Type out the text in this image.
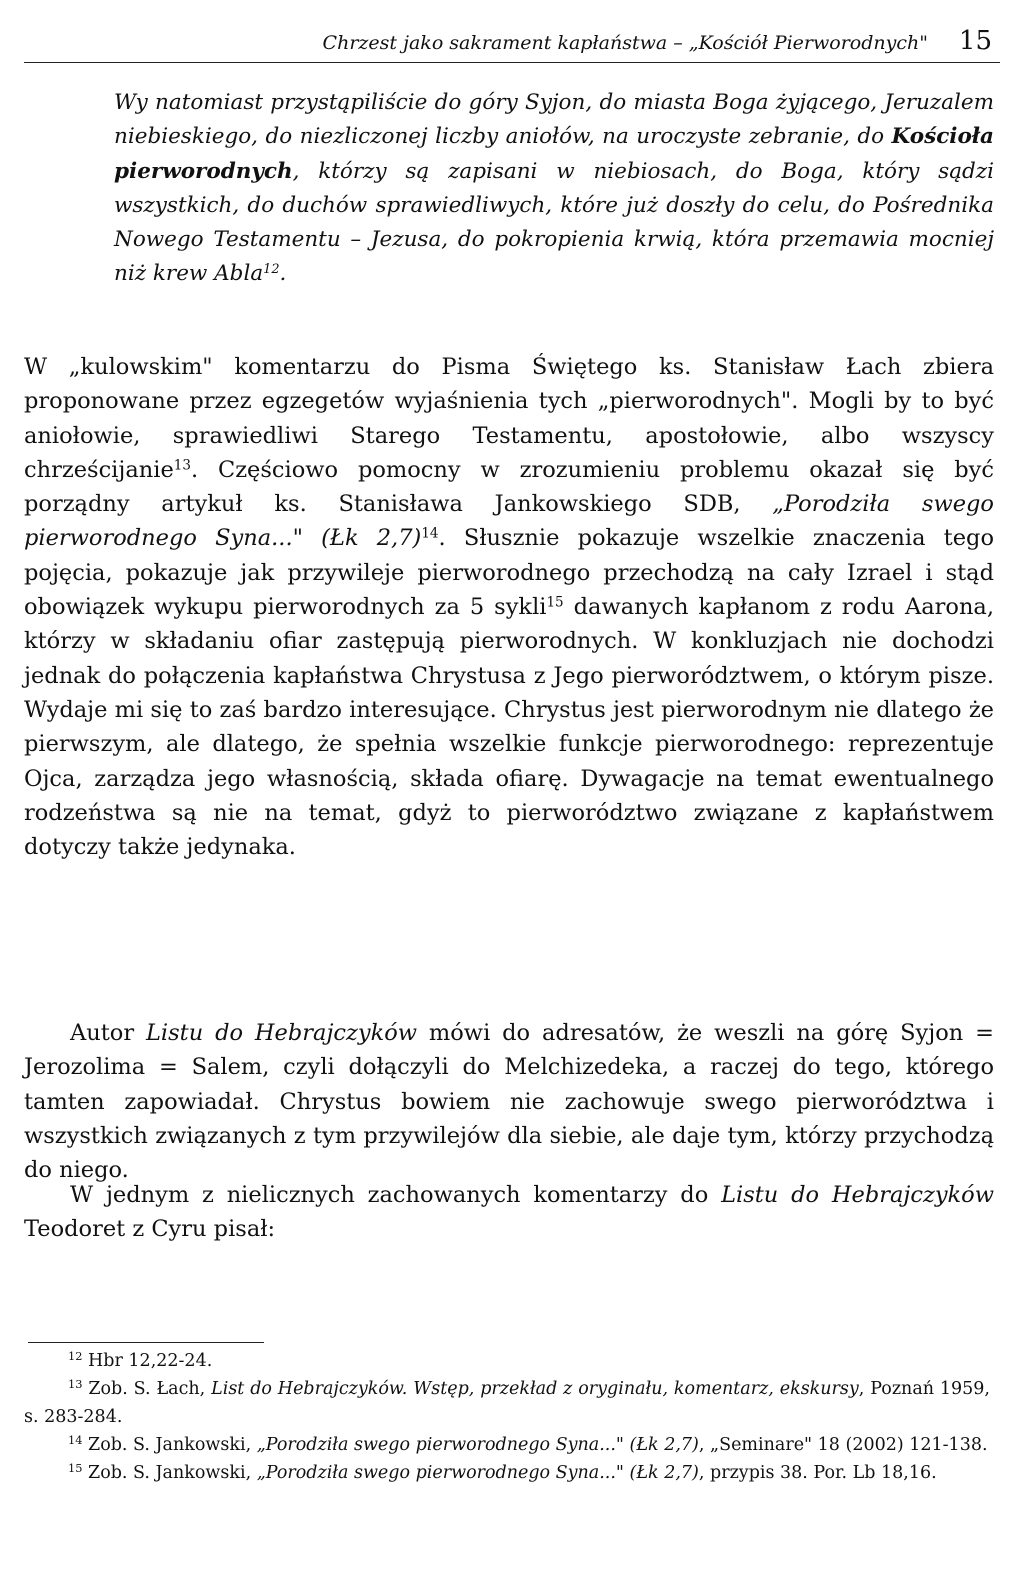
Chrzest jako sakrament kapłaństwa – „Kościół Pierworodnych" 15

Wy natomiast przystąpiliście do góry Syjon, do miasta Boga żyjącego, Jeruzalem niebieskiego, do niezliczonej liczby aniołów, na uroczyste zebranie, do Kościoła pierworodnych, którzy są zapisani w niebiosach, do Boga, który sądzi wszystkich, do duchów sprawiedliwych, które już doszły do celu, do Pośrednika Nowego Testamentu – Jezusa, do pokropienia krwią, która przemawia mocniej niż krew Abla$^{12}$.

W „kulowskim" komentarzu do Pisma Świętego ks. Stanisław Łach zbiera proponowane przez egzegetów wyjaśnienia tych „pierworodnych". Mogli by to być aniołowie, sprawiedliwi Starego Testamentu, apostołowie, albo wszyscy chrześcijanie$^{13}$. Częściowo pomocny w zrozumieniu problemu okazał się być porządny artykuł ks. Stanisława Jankowskiego SDB, „Porodziła swego pierworodnego Syna..." (Łk 2,7)$^{14}$. Słusznie pokazuje wszelkie znaczenia tego pojęcia, pokazuje jak przywileje pierworodnego przechodzą na cały Izrael i stąd obowiązek wykupu pierworodnych za 5 sykli$^{15}$ dawanych kapłanom z rodu Aarona, którzy w składaniu ofiar zastępują pierworodnych. W konkluzjach nie dochodzi jednak do połączenia kapłaństwa Chrystusa z Jego pierworództwem, o którym pisze. Wydaje mi się to zaś bardzo interesujące. Chrystus jest pierworodnym nie dlatego że pierwszym, ale dlatego, że spełnia wszelkie funkcje pierworodnego: reprezentuje Ojca, zarządza jego własnością, składa ofiarę. Dywagacje na temat ewentualnego rodzeństwa są nie na temat, gdyż to pierworództwo związane z kapłaństwem dotyczy także jedynaka.

Autor Listu do Hebrajczyków mówi do adresatów, że weszli na górę Syjon = Jerozolima = Salem, czyli dołączyli do Melchizedeka, a raczej do tego, którego tamten zapowiadał. Chrystus bowiem nie zachowuje swego pierworództwa i wszystkich związanych z tym przywilejów dla siebie, ale daje tym, którzy przychodzą do niego.

W jednym z nielicznych zachowanych komentarzy do Listu do Hebrajczyków Teodoret z Cyru pisał:

$^{12}$ Hbr 12,22-24.

$^{13}$ Zob. S. Łach, List do Hebrajczyków. Wstęp, przekład z oryginału, komentarz, ekskursy, Poznań 1959, s. 283-284.

$^{14}$ Zob. S. Jankowski, „Porodziła swego pierworodnego Syna..." (Łk 2,7), „Seminare" 18 (2002) 121-138.

$^{15}$ Zob. S. Jankowski, „Porodziła swego pierworodnego Syna..." (Łk 2,7), przypis 38. Por. Lb 18,16.
